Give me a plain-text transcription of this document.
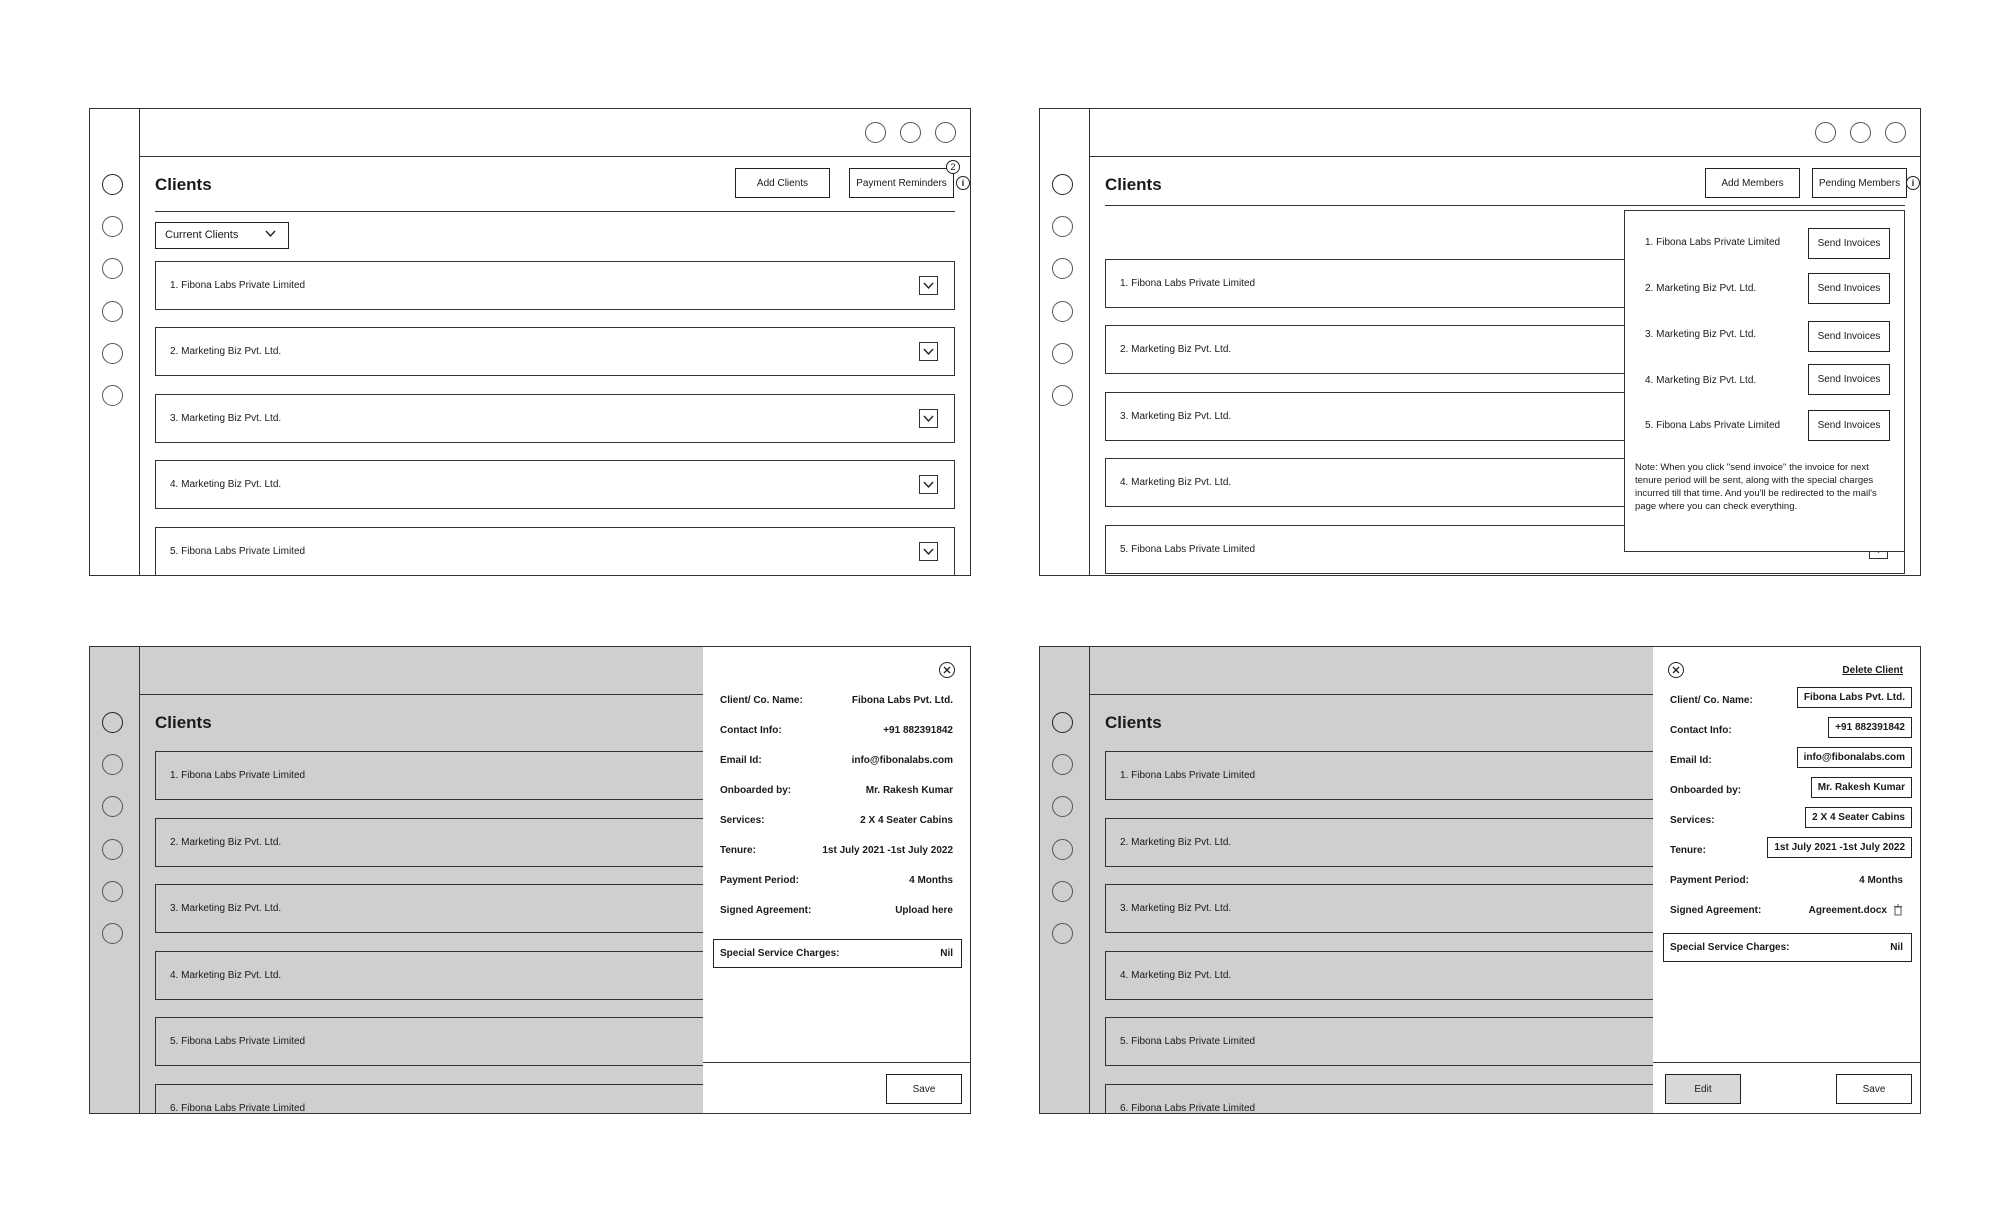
Clients	Add Clients	Payment Reminders
2
i
Current Clients
1. Fibona Labs Private Limited
2. Marketing Biz Pvt. Ltd.
3. Marketing Biz Pvt. Ltd.
4. Marketing Biz Pvt. Ltd.
5. Fibona Labs Private Limited
Clients	Add Members	Pending Members	i
1. Fibona Labs Private Limited
2. Marketing Biz Pvt. Ltd.
3. Marketing Biz Pvt. Ltd.
4. Marketing Biz Pvt. Ltd.
5. Fibona Labs Private Limited
1. Fibona Labs Private Limited	Send Invoices
2. Marketing Biz Pvt. Ltd.	Send Invoices
3. Marketing Biz Pvt. Ltd.	Send Invoices
4. Marketing Biz Pvt. Ltd.	Send Invoices
5. Fibona Labs Private Limited	Send Invoices
Note: When you click "send invoice" the invoice for next tenure period will be sent, along with the special charges incurred till that time. And you'll be redirected to the mail's page where you can check everything.
Clients
1. Fibona Labs Private Limited
2. Marketing Biz Pvt. Ltd.
3. Marketing Biz Pvt. Ltd.
4. Marketing Biz Pvt. Ltd.
5. Fibona Labs Private Limited
6. Fibona Labs Private Limited
Client/ Co. Name:	Fibona Labs Pvt. Ltd.
Contact Info:	+91 882391842
Email Id:	info@fibonalabs.com
Onboarded by:	Mr. Rakesh Kumar
Services:	2 X 4 Seater Cabins
Tenure:	1st July 2021 -1st July 2022
Payment Period:	4 Months
Signed Agreement:	Upload here
Special Service Charges:	Nil
Save
Clients
1. Fibona Labs Private Limited
2. Marketing Biz Pvt. Ltd.
3. Marketing Biz Pvt. Ltd.
4. Marketing Biz Pvt. Ltd.
5. Fibona Labs Private Limited
6. Fibona Labs Private Limited
Delete Client
Client/ Co. Name:	Fibona Labs Pvt. Ltd.
Contact Info:	+91 882391842
Email Id:	info@fibonalabs.com
Onboarded by:	Mr. Rakesh Kumar
Services:	2 X 4 Seater Cabins
Tenure:	1st July 2021 -1st July 2022
Payment Period:	4 Months
Signed Agreement:	Agreement.docx
Special Service Charges:	Nil
Edit	Save
